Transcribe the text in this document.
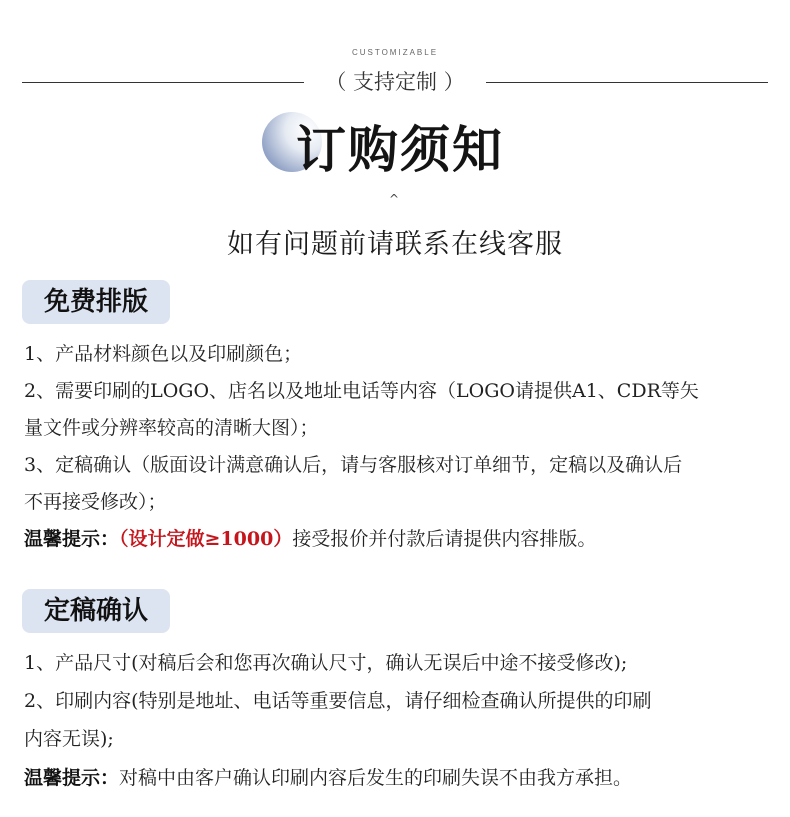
CUSTOMIZABLE
（ 支持定制 ）
订购须知
^
如有问题前请联系在线客服
免费排版
1、产品材料颜色以及印刷颜色；
2、需要印刷的LOGO、店名以及地址电话等内容（LOGO请提供A1、CDR等矢
量文件或分辨率较高的清晰大图）；
3、定稿确认（版面设计满意确认后，请与客服核对订单细节，定稿以及确认后
不再接受修改）；
温馨提示：（设计定做≥1000）接受报价并付款后请提供内容排版。
定稿确认
1、产品尺寸(对稿后会和您再次确认尺寸，确认无误后中途不接受修改);
2、印刷内容(特别是地址、电话等重要信息，请仔细检查确认所提供的印刷
内容无误);
温馨提示：对稿中由客户确认印刷内容后发生的印刷失误不由我方承担。
